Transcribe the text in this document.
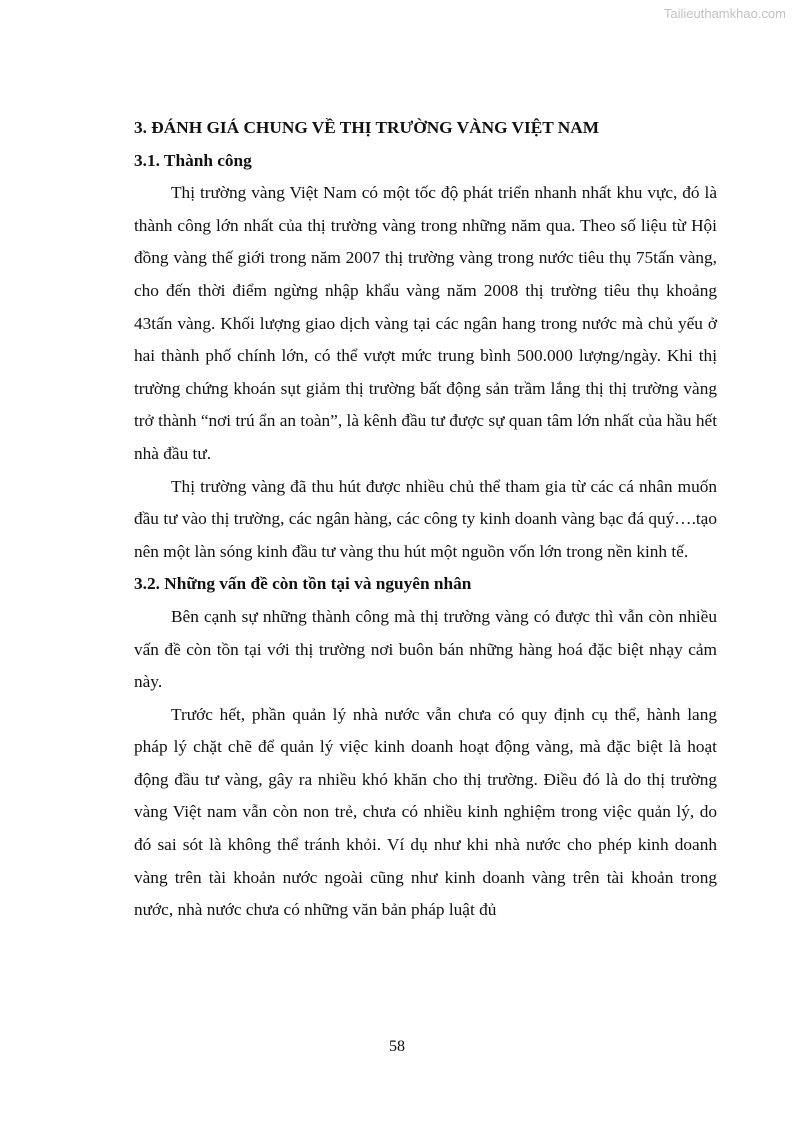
Tailieuthamkhao.com
3. ĐÁNH GIÁ CHUNG VỀ THỊ TRƯỜNG VÀNG VIỆT NAM
3.1. Thành công

Thị trường vàng Việt Nam có một tốc độ phát triển nhanh nhất khu vực, đó là thành công lớn nhất của thị trường vàng trong những năm qua. Theo số liệu từ Hội đồng vàng thế giới trong năm 2007 thị trường vàng trong nước tiêu thụ 75tấn vàng, cho đến thời điểm ngừng nhập khẩu vàng năm 2008 thị trường tiêu thụ khoảng 43tấn vàng. Khối lượng giao dịch vàng tại các ngân hang trong nước mà chủ yếu ở hai thành phố chính lớn, có thể vượt mức trung bình 500.000 lượng/ngày. Khi thị trường chứng khoán sụt giảm thị trường bất động sản trầm lắng thị thị trường vàng trở thành “nơi trú ẩn an toàn”, là kênh đầu tư được sự quan tâm lớn nhất của hầu hết nhà đầu tư.

Thị trường vàng đã thu hút được nhiều chủ thể tham gia từ các cá nhân muốn đầu tư vào thị trường, các ngân hàng, các công ty kinh doanh vàng bạc đá quý….tạo nên một làn sóng kinh đầu tư vàng thu hút một nguồn vốn lớn trong nền kinh tế.

3.2. Những vấn đề còn tồn tại và nguyên nhân

Bên cạnh sự những thành công mà thị trường vàng có được thì vẫn còn nhiều vấn đề còn tồn tại với thị trường nơi buôn bán những hàng hoá đặc biệt nhạy cảm này.

Trước hết, phần quản lý nhà nước vẫn chưa có quy định cụ thể, hành lang pháp lý chặt chẽ để quản lý việc kinh doanh hoạt động vàng, mà đặc biệt là hoạt động đầu tư vàng, gây ra nhiều khó khăn cho thị trường. Điều đó là do thị trường vàng Việt nam vẫn còn non trẻ, chưa có nhiều kinh nghiệm trong việc quản lý, do đó sai sót là không thể tránh khỏi. Ví dụ như khi nhà nước cho phép kinh doanh vàng trên tài khoản nước ngoài cũng như kinh doanh vàng trên tài khoản trong nước, nhà nước chưa có những văn bản pháp luật đủ

58
